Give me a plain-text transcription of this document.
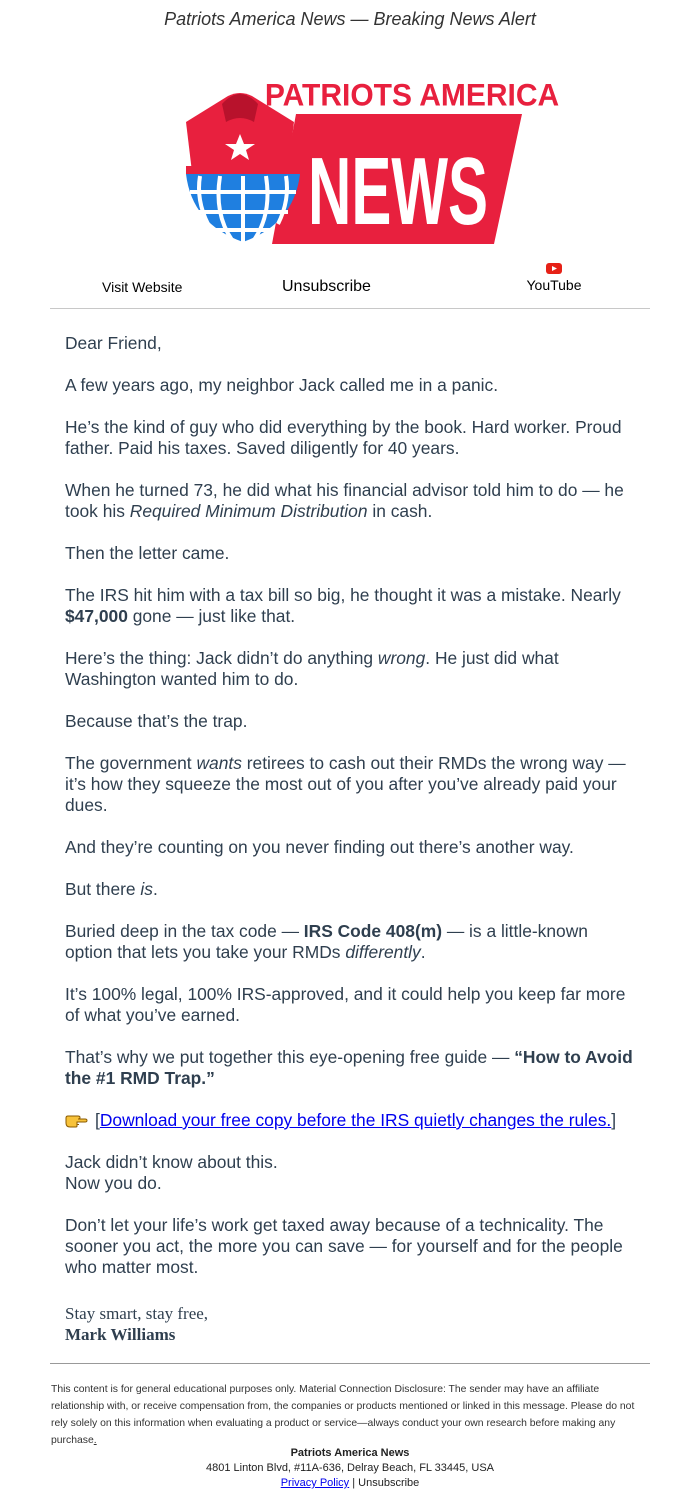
Patriots America News — Breaking News Alert
PATRIOTS AMERICA
NEWS
Visit Website	Unsubscribe	YouTube

Dear Friend,

A few years ago, my neighbor Jack called me in a panic.

He’s the kind of guy who did everything by the book. Hard worker. Proud father. Paid his taxes. Saved diligently for 40 years.

When he turned 73, he did what his financial advisor told him to do — he took his Required Minimum Distribution in cash.

Then the letter came.

The IRS hit him with a tax bill so big, he thought it was a mistake. Nearly $47,000 gone — just like that.

Here’s the thing: Jack didn’t do anything wrong. He just did what Washington wanted him to do.

Because that’s the trap.

The government wants retirees to cash out their RMDs the wrong way — it’s how they squeeze the most out of you after you’ve already paid your dues.

And they’re counting on you never finding out there’s another way.

But there is.

Buried deep in the tax code — IRS Code 408(m) — is a little-known option that lets you take your RMDs differently.

It’s 100% legal, 100% IRS-approved, and it could help you keep far more of what you’ve earned.

That’s why we put together this eye-opening free guide — “How to Avoid the #1 RMD Trap.”

[Download your free copy before the IRS quietly changes the rules.]

Jack didn’t know about this.
Now you do.

Don’t let your life’s work get taxed away because of a technicality. The sooner you act, the more you can save — for yourself and for the people who matter most.

Stay smart, stay free,
Mark Williams
This content is for general educational purposes only. Material Connection Disclosure: The sender may have an affiliate relationship with, or receive compensation from, the companies or products mentioned or linked in this message. Please do not rely solely on this information when evaluating a product or service—always conduct your own research before making any purchase.
Patriots America News
4801 Linton Blvd, #11A-636, Delray Beach, FL 33445, USA
Privacy Policy | Unsubscribe
